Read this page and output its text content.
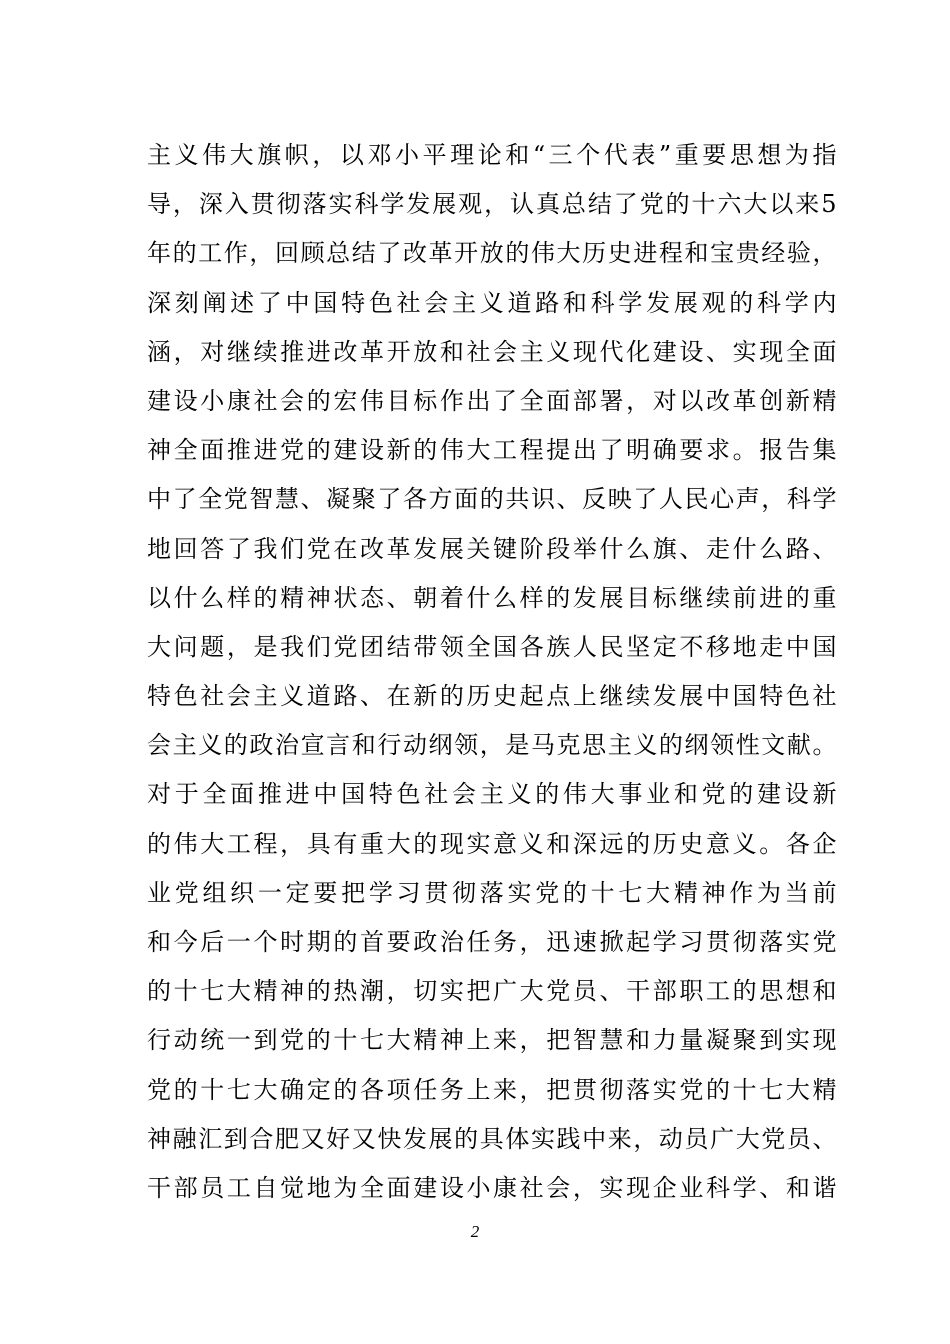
主义伟大旗帜，以邓小平理论和“三个代表”重要思想为指
导，深入贯彻落实科学发展观，认真总结了党的十六大以来5
年的工作，回顾总结了改革开放的伟大历史进程和宝贵经验，
深刻阐述了中国特色社会主义道路和科学发展观的科学内
涵，对继续推进改革开放和社会主义现代化建设、实现全面
建设小康社会的宏伟目标作出了全面部署，对以改革创新精
神全面推进党的建设新的伟大工程提出了明确要求。报告集
中了全党智慧、凝聚了各方面的共识、反映了人民心声，科学
地回答了我们党在改革发展关键阶段举什么旗、走什么路、
以什么样的精神状态、朝着什么样的发展目标继续前进的重
大问题，是我们党团结带领全国各族人民坚定不移地走中国
特色社会主义道路、在新的历史起点上继续发展中国特色社
会主义的政治宣言和行动纲领，是马克思主义的纲领性文献。
对于全面推进中国特色社会主义的伟大事业和党的建设新
的伟大工程，具有重大的现实意义和深远的历史意义。各企
业党组织一定要把学习贯彻落实党的十七大精神作为当前
和今后一个时期的首要政治任务，迅速掀起学习贯彻落实党
的十七大精神的热潮，切实把广大党员、干部职工的思想和
行动统一到党的十七大精神上来，把智慧和力量凝聚到实现
党的十七大确定的各项任务上来，把贯彻落实党的十七大精
神融汇到合肥又好又快发展的具体实践中来，动员广大党员、
干部员工自觉地为全面建设小康社会，实现企业科学、和谐
2
